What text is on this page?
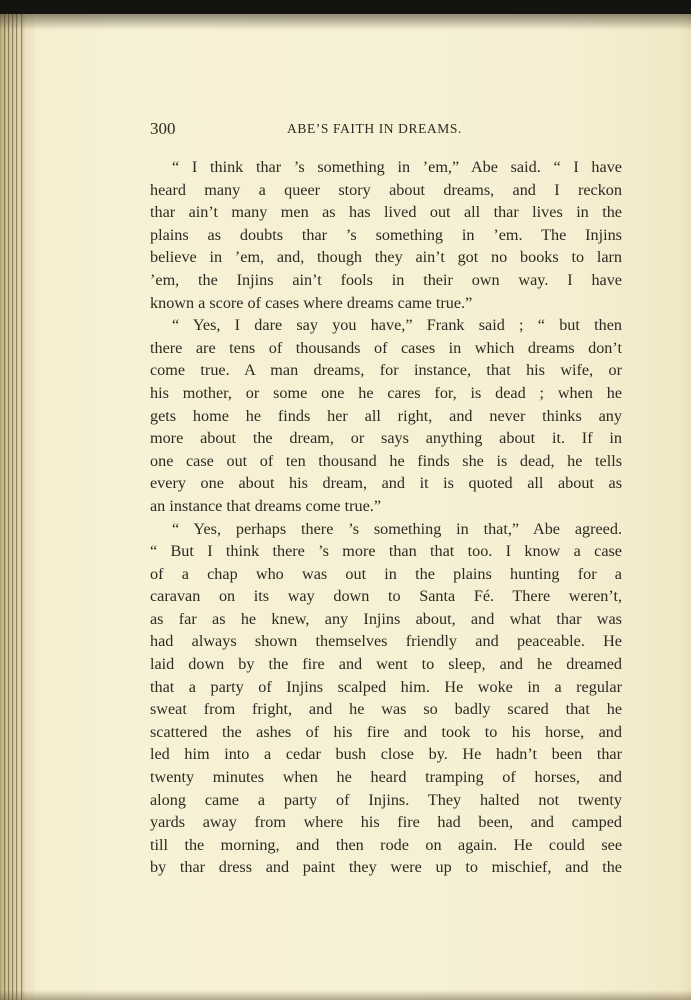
300	ABE’S FAITH IN DREAMS.
“ I think thar ’s something in ’em,” Abe said. “ I have
heard many a queer story about dreams, and I reckon
thar ain’t many men as has lived out all thar lives in the
plains as doubts thar ’s something in ’em. The Injins
believe in ’em, and, though they ain’t got no books to larn
’em, the Injins ain’t fools in their own way. I have
known a score of cases where dreams came true.”
“ Yes, I dare say you have,” Frank said ; “ but then
there are tens of thousands of cases in which dreams don’t
come true. A man dreams, for instance, that his wife, or
his mother, or some one he cares for, is dead ; when he
gets home he finds her all right, and never thinks any
more about the dream, or says anything about it. If in
one case out of ten thousand he finds she is dead, he tells
every one about his dream, and it is quoted all about as
an instance that dreams come true.”
“ Yes, perhaps there ’s something in that,” Abe agreed.
“ But I think there ’s more than that too. I know a case
of a chap who was out in the plains hunting for a
caravan on its way down to Santa Fé. There weren’t,
as far as he knew, any Injins about, and what thar was
had always shown themselves friendly and peaceable. He
laid down by the fire and went to sleep, and he dreamed
that a party of Injins scalped him. He woke in a regular
sweat from fright, and he was so badly scared that he
scattered the ashes of his fire and took to his horse, and
led him into a cedar bush close by. He hadn’t been thar
twenty minutes when he heard tramping of horses, and
along came a party of Injins. They halted not twenty
yards away from where his fire had been, and camped
till the morning, and then rode on again. He could see
by thar dress and paint they were up to mischief, and the
